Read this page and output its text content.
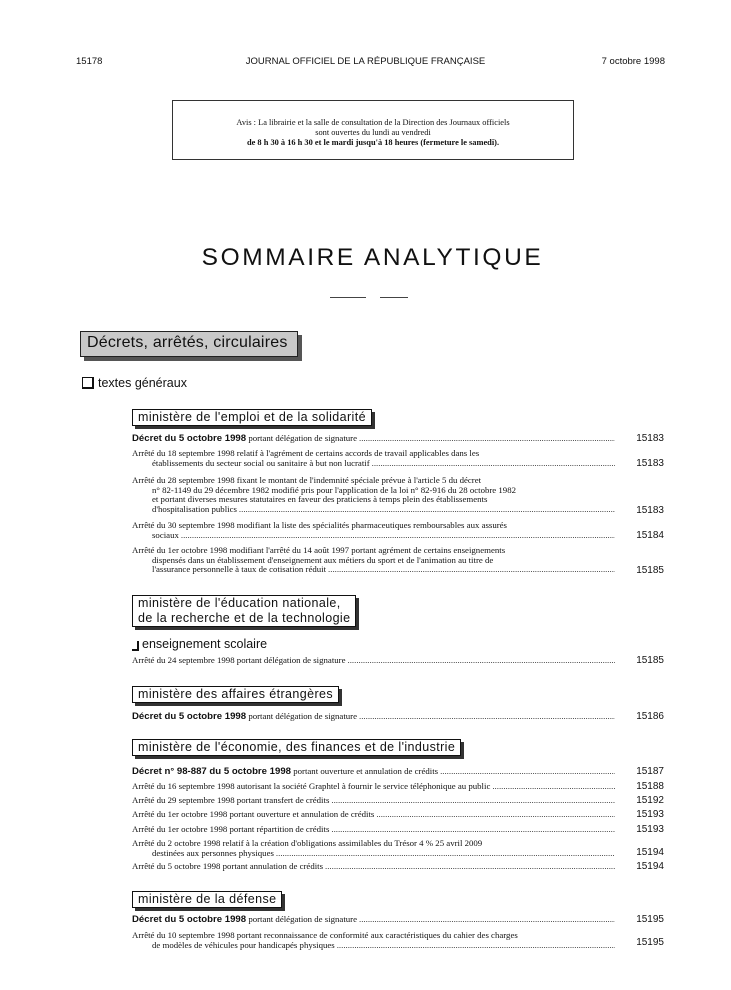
15178	JOURNAL OFFICIEL DE LA RÉPUBLIQUE FRANÇAISE	7 octobre 1998
Avis : La librairie et la salle de consultation de la Direction des Journaux officiels
sont ouvertes du lundi au vendredi
de 8 h 30 à 16 h 30 et le mardi jusqu'à 18 heures (fermeture le samedi).
SOMMAIRE ANALYTIQUE
Décrets, arrêtés, circulaires
textes généraux
ministère de l'emploi et de la solidarité
Décret du 5 octobre 1998 portant délégation de signature .....	15183
Arrêté du 18 septembre 1998 relatif à l'agrément de certains accords de travail applicables dans les
établissements du secteur social ou sanitaire à but non lucratif .....	15183
Arrêté du 28 septembre 1998 fixant le montant de l'indemnité spéciale prévue à l'article 5 du décret
n° 82-1149 du 29 décembre 1982 modifié pris pour l'application de la loi n° 82-916 du 28 octobre 1982
et portant diverses mesures statutaires en faveur des praticiens à temps plein des établissements
d'hospitalisation publics .....	15183
Arrêté du 30 septembre 1998 modifiant la liste des spécialités pharmaceutiques remboursables aux assurés
sociaux .....	15184
Arrêté du 1er octobre 1998 modifiant l'arrêté du 14 août 1997 portant agrément de certains enseignements
dispensés dans un établissement d'enseignement aux métiers du sport et de l'animation au titre de
l'assurance personnelle à taux de cotisation réduit .....	15185
ministère de l'éducation nationale,
de la recherche et de la technologie
enseignement scolaire
Arrêté du 24 septembre 1998 portant délégation de signature .....	15185
ministère des affaires étrangères
Décret du 5 octobre 1998 portant délégation de signature .....	15186
ministère de l'économie, des finances et de l'industrie
Décret n° 98-887 du 5 octobre 1998 portant ouverture et annulation de crédits .....	15187
Arrêté du 16 septembre 1998 autorisant la société Graphtel à fournir le service téléphonique au public .....	15188
Arrêté du 29 septembre 1998 portant transfert de crédits .....	15192
Arrêté du 1er octobre 1998 portant ouverture et annulation de crédits .....	15193
Arrêté du 1er octobre 1998 portant répartition de crédits .....	15193
Arrêté du 2 octobre 1998 relatif à la création d'obligations assimilables du Trésor 4 % 25 avril 2009
destinées aux personnes physiques .....	15194
Arrêté du 5 octobre 1998 portant annulation de crédits .....	15194
ministère de la défense
Décret du 5 octobre 1998 portant délégation de signature .....	15195
Arrêté du 10 septembre 1998 portant reconnaissance de conformité aux caractéristiques du cahier des charges
de modèles de véhicules pour handicapés physiques .....	15195
